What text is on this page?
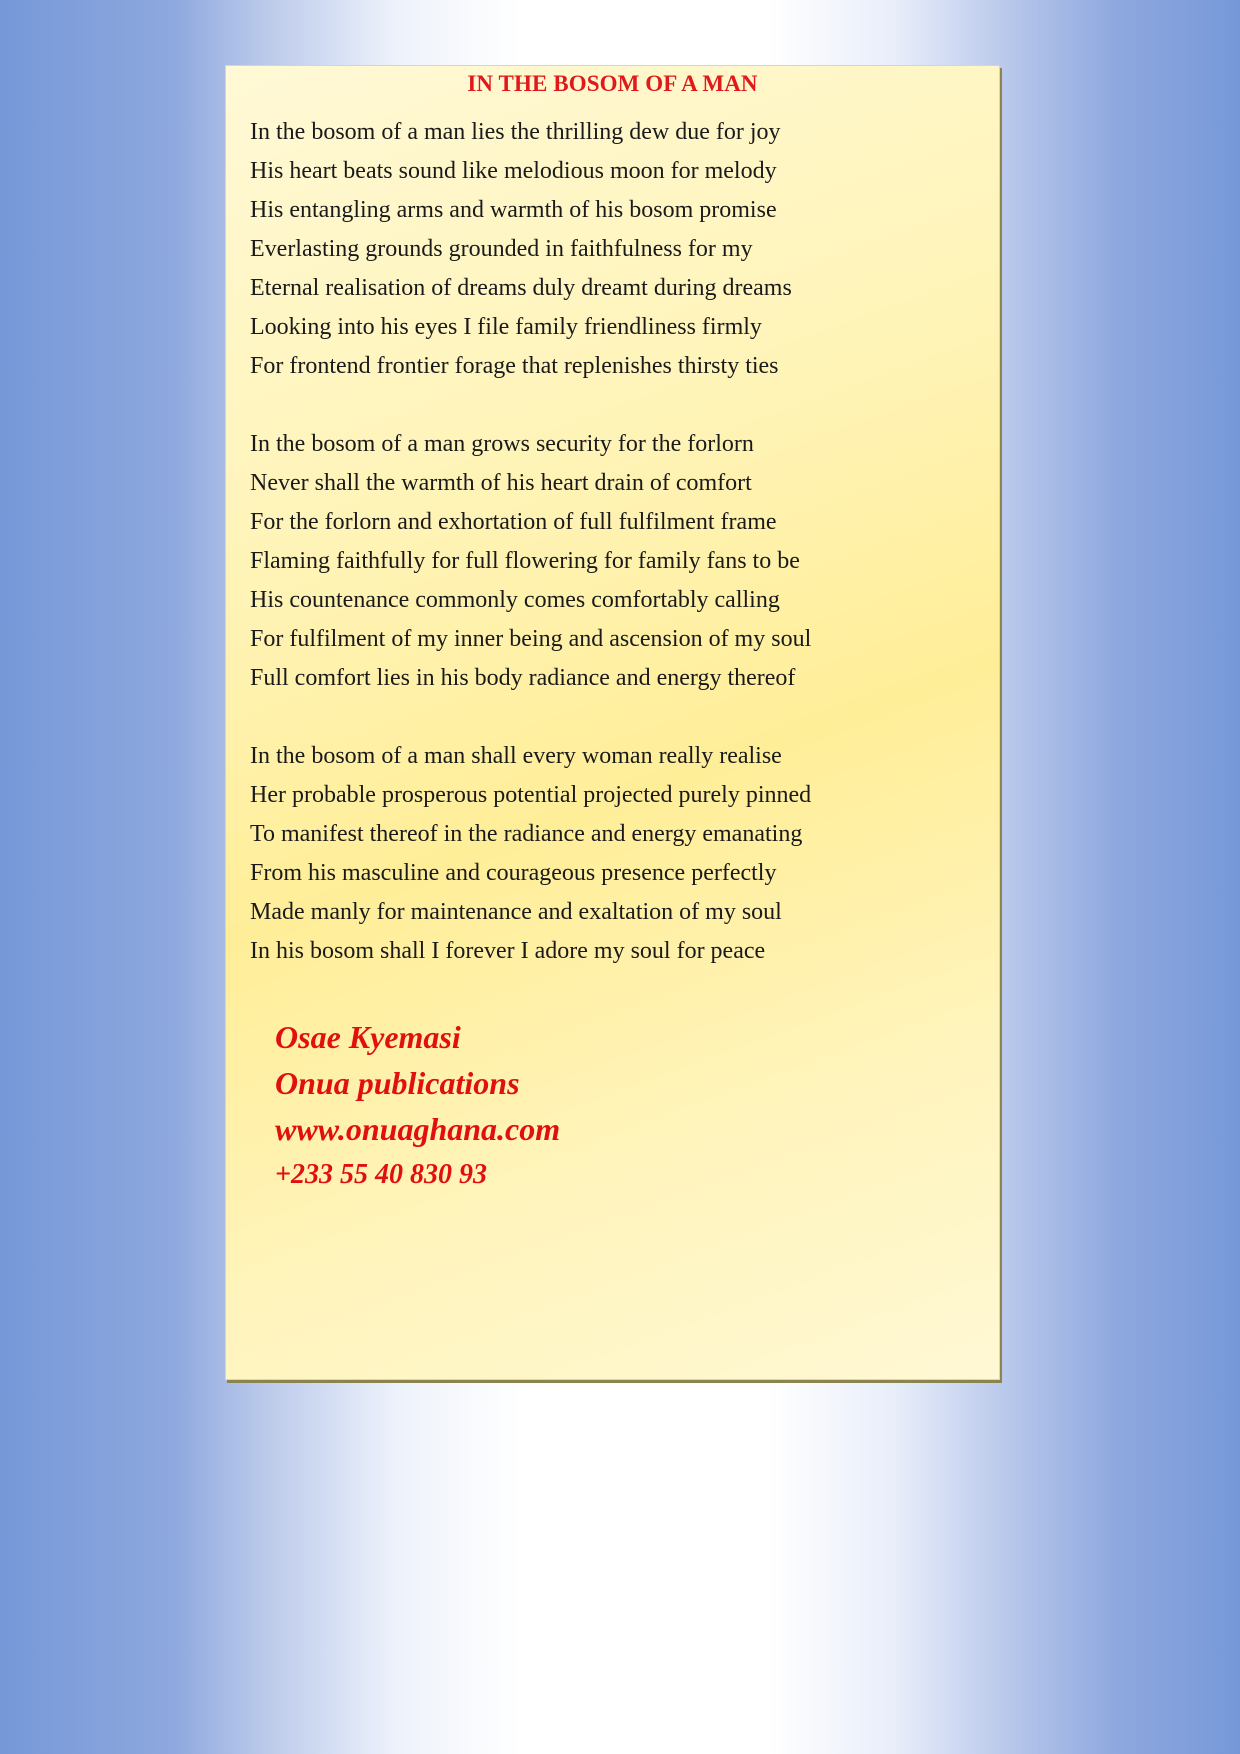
IN THE BOSOM OF A MAN
In the bosom of a man lies the thrilling dew due for joy
His heart beats sound like melodious moon for melody
His entangling arms and warmth of his bosom promise
Everlasting grounds grounded in faithfulness for my
Eternal realisation of dreams duly dreamt during dreams
Looking into his eyes I file family friendliness firmly
For frontend frontier forage that replenishes thirsty ties
In the bosom of a man grows security for the forlorn
Never shall the warmth of his heart drain of comfort
For the forlorn and exhortation of full fulfilment frame
Flaming faithfully for full flowering for family fans to be
His countenance commonly comes comfortably calling
For fulfilment of my inner being and ascension of my soul
Full comfort lies in his body radiance and energy thereof
In the bosom of a man shall every woman really realise
Her probable prosperous potential projected purely pinned
To manifest thereof in the radiance and energy emanating
From his masculine and courageous presence perfectly
Made manly for maintenance and exaltation of my soul
In his bosom shall I forever I adore my soul for peace
Osae Kyemasi
Onua publications
www.onuaghana.com
+233 55 40 830 93
